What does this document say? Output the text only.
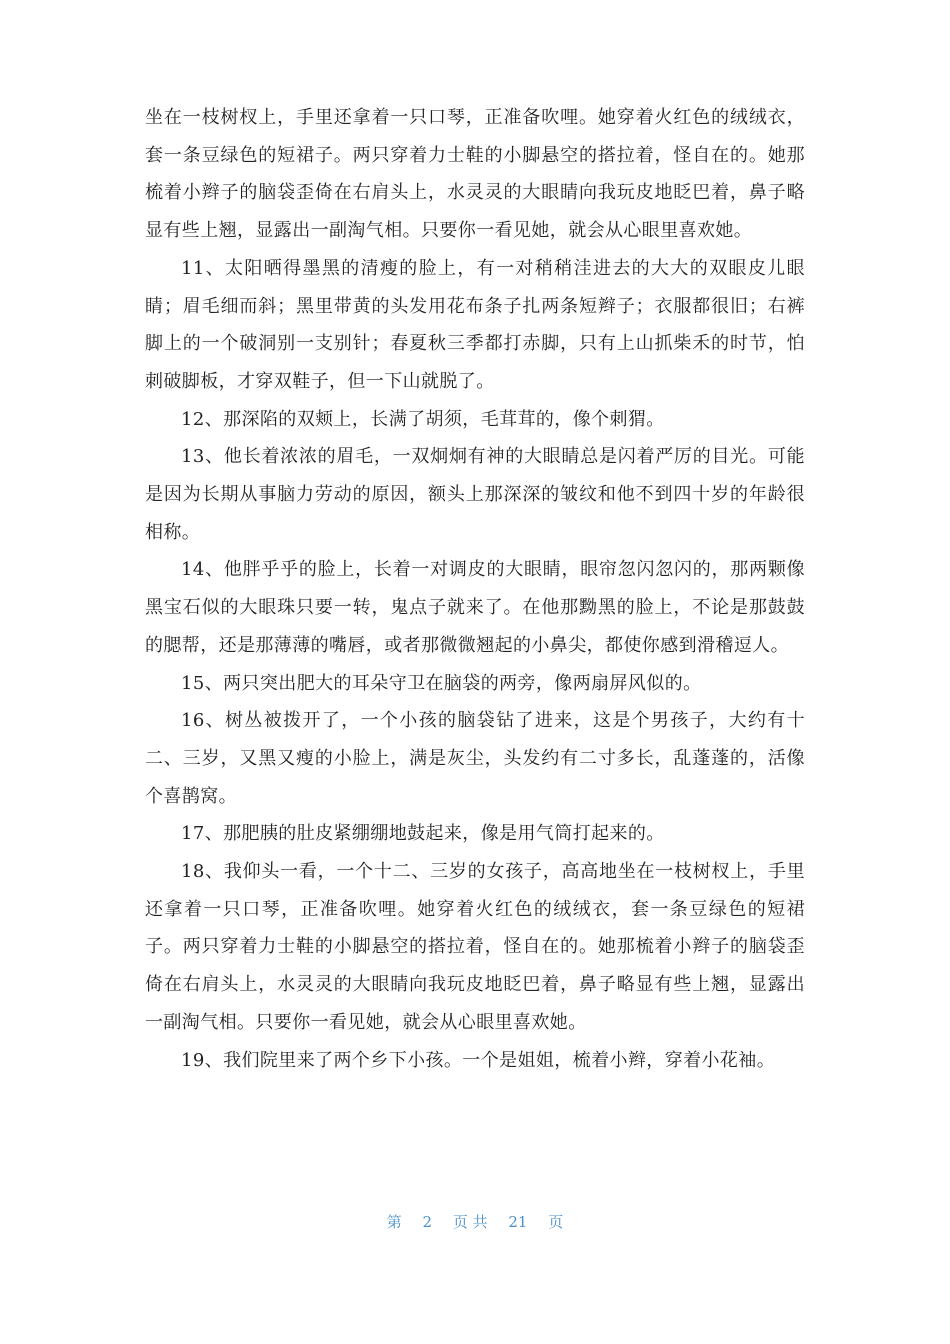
坐在一枝树杈上，手里还拿着一只口琴，正准备吹哩。她穿着火红色的绒绒衣，套一条豆绿色的短裙子。两只穿着力士鞋的小脚悬空的搭拉着，怪自在的。她那梳着小辫子的脑袋歪倚在右肩头上，水灵灵的大眼睛向我玩皮地眨巴着，鼻子略显有些上翘，显露出一副淘气相。只要你一看见她，就会从心眼里喜欢她。

11、太阳晒得墨黑的清瘦的脸上，有一对稍稍洼进去的大大的双眼皮儿眼睛；眉毛细而斜；黑里带黄的头发用花布条子扎两条短辫子；衣服都很旧；右裤脚上的一个破洞别一支别针；春夏秋三季都打赤脚，只有上山抓柴禾的时节，怕刺破脚板，才穿双鞋子，但一下山就脱了。

12、那深陷的双颊上，长满了胡须，毛茸茸的，像个刺猬。

13、他长着浓浓的眉毛，一双炯炯有神的大眼睛总是闪着严厉的目光。可能是因为长期从事脑力劳动的原因，额头上那深深的皱纹和他不到四十岁的年龄很相称。

14、他胖乎乎的脸上，长着一对调皮的大眼睛，眼帘忽闪忽闪的，那两颗像黑宝石似的大眼珠只要一转，鬼点子就来了。在他那黝黑的脸上，不论是那鼓鼓的腮帮，还是那薄薄的嘴唇，或者那微微翘起的小鼻尖，都使你感到滑稽逗人。

15、两只突出肥大的耳朵守卫在脑袋的两旁，像两扇屏风似的。

16、树丛被拨开了，一个小孩的脑袋钻了进来，这是个男孩子，大约有十二、三岁，又黑又瘦的小脸上，满是灰尘，头发约有二寸多长，乱蓬蓬的，活像个喜鹊窝。

17、那肥胰的肚皮紧绷绷地鼓起来，像是用气筒打起来的。

18、我仰头一看，一个十二、三岁的女孩子，高高地坐在一枝树杈上，手里还拿着一只口琴，正准备吹哩。她穿着火红色的绒绒衣，套一条豆绿色的短裙子。两只穿着力士鞋的小脚悬空的搭拉着，怪自在的。她那梳着小辫子的脑袋歪倚在右肩头上，水灵灵的大眼睛向我玩皮地眨巴着，鼻子略显有些上翘，显露出一副淘气相。只要你一看见她，就会从心眼里喜欢她。

19、我们院里来了两个乡下小孩。一个是姐姐，梳着小辫，穿着小花袖。

第 2 页 共 21 页
